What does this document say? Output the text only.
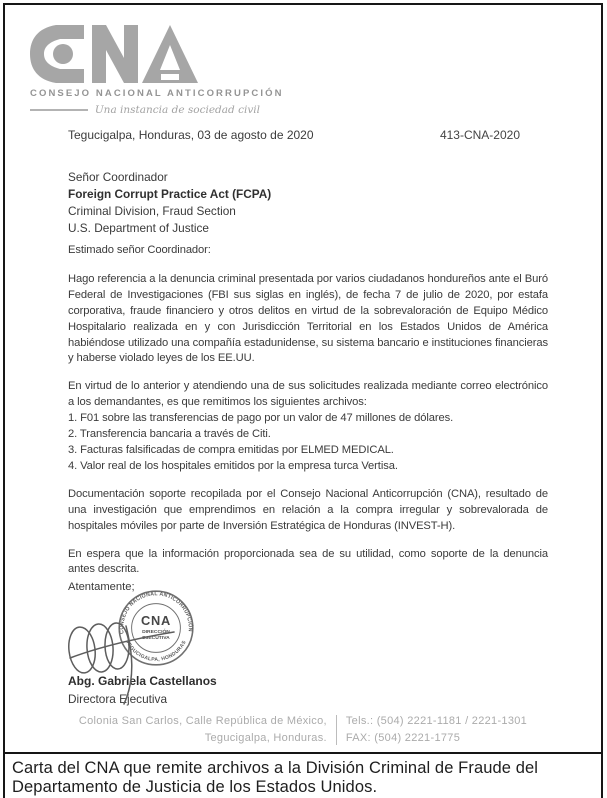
CONSEJO NACIONAL ANTICORRUPCIÓN
Una instancia de sociedad civil
Tegucigalpa, Honduras, 03 de agosto de 2020	413-CNA-2020
Señor Coordinador
Foreign Corrupt Practice Act (FCPA)
Criminal Division, Fraud Section
U.S. Department of Justice

Estimado señor Coordinador:

Hago referencia a la denuncia criminal presentada por varios ciudadanos hondureños ante el Buró Federal de Investigaciones (FBI sus siglas en inglés), de fecha 7 de julio de 2020, por estafa corporativa, fraude financiero y otros delitos en virtud de la sobrevaloración de Equipo Médico Hospitalario realizada en y con Jurisdicción Territorial en los Estados Unidos de América habiéndose utilizado una compañía estadunidense, su sistema bancario e instituciones financieras y haberse violado leyes de los EE.UU.

En virtud de lo anterior y atendiendo una de sus solicitudes realizada mediante correo electrónico a los demandantes, es que remitimos los siguientes archivos:

1. F01 sobre las transferencias de pago por un valor de 47 millones de dólares.
2. Transferencia bancaria a través de Citi.
3. Facturas falsificadas de compra emitidas por ELMED MEDICAL.
4. Valor real de los hospitales emitidos por la empresa turca Vertisa.

Documentación soporte recopilada por el Consejo Nacional Anticorrupción (CNA), resultado de una investigación que emprendimos en relación a la compra irregular y sobrevalorada de hospitales móviles por parte de Inversión Estratégica de Honduras (INVEST-H).

En espera que la información proporcionada sea de su utilidad, como soporte de la denuncia antes descrita.

Atentamente;
CONSEJO NACIONAL ANTICORRUPCIÓN
TEGUCIGALPA, HONDURAS
CNA
DIRECCIÓN
EJECUTIVA
Abg. Gabriela Castellanos
Directora Ejecutiva
Colonia San Carlos, Calle República de México,
Tegucigalpa, Honduras.
Tels.: (504) 2221-1181 / 2221-1301
FAX: (504) 2221-1775
Carta del CNA que remite archivos a la División Criminal de Fraude del Departamento de Justicia de los Estados Unidos.
